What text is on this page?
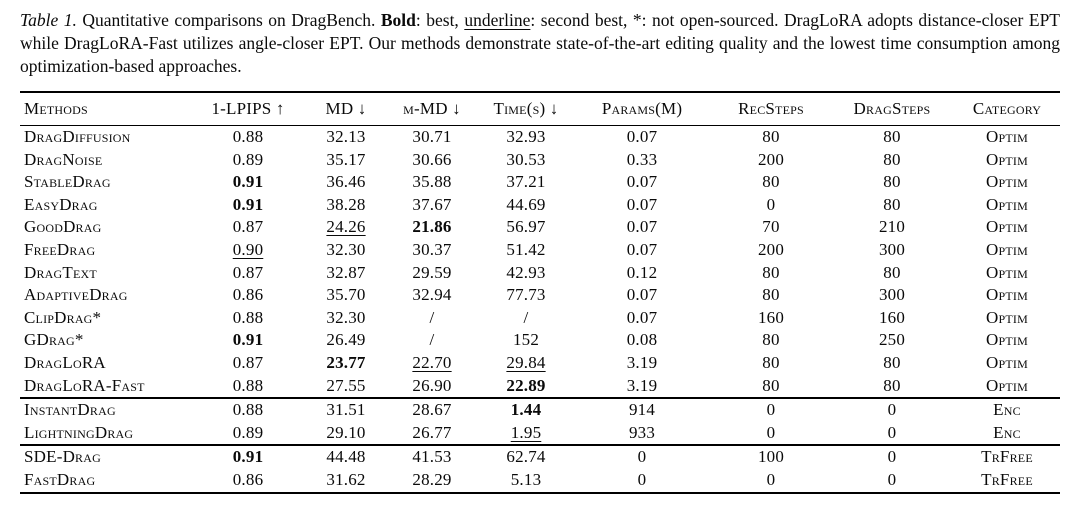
Table 1. Quantitative comparisons on DragBench. Bold: best, underline: second best, *: not open-sourced. DragLoRA adopts distance-closer EPT while DragLoRA-Fast utilizes angle-closer EPT. Our methods demonstrate state-of-the-art editing quality and the lowest time consumption among optimization-based approaches.
Methods	1-LPIPS ↑	MD ↓	m-MD ↓	Time(s) ↓	Params(M)	RecSteps	DragSteps	Category
DragDiffusion	0.88	32.13	30.71	32.93	0.07	80	80	Optim
DragNoise	0.89	35.17	30.66	30.53	0.33	200	80	Optim
StableDrag	0.91	36.46	35.88	37.21	0.07	80	80	Optim
EasyDrag	0.91	38.28	37.67	44.69	0.07	0	80	Optim
GoodDrag	0.87	24.26	21.86	56.97	0.07	70	210	Optim
FreeDrag	0.90	32.30	30.37	51.42	0.07	200	300	Optim
DragText	0.87	32.87	29.59	42.93	0.12	80	80	Optim
AdaptiveDrag	0.86	35.70	32.94	77.73	0.07	80	300	Optim
ClipDrag*	0.88	32.30	/	/	0.07	160	160	Optim
GDrag*	0.91	26.49	/	152	0.08	80	250	Optim
DragLoRA	0.87	23.77	22.70	29.84	3.19	80	80	Optim
DragLoRA-Fast	0.88	27.55	26.90	22.89	3.19	80	80	Optim
InstantDrag	0.88	31.51	28.67	1.44	914	0	0	Enc
LightningDrag	0.89	29.10	26.77	1.95	933	0	0	Enc
SDE-Drag	0.91	44.48	41.53	62.74	0	100	0	TrFree
FastDrag	0.86	31.62	28.29	5.13	0	0	0	TrFree
